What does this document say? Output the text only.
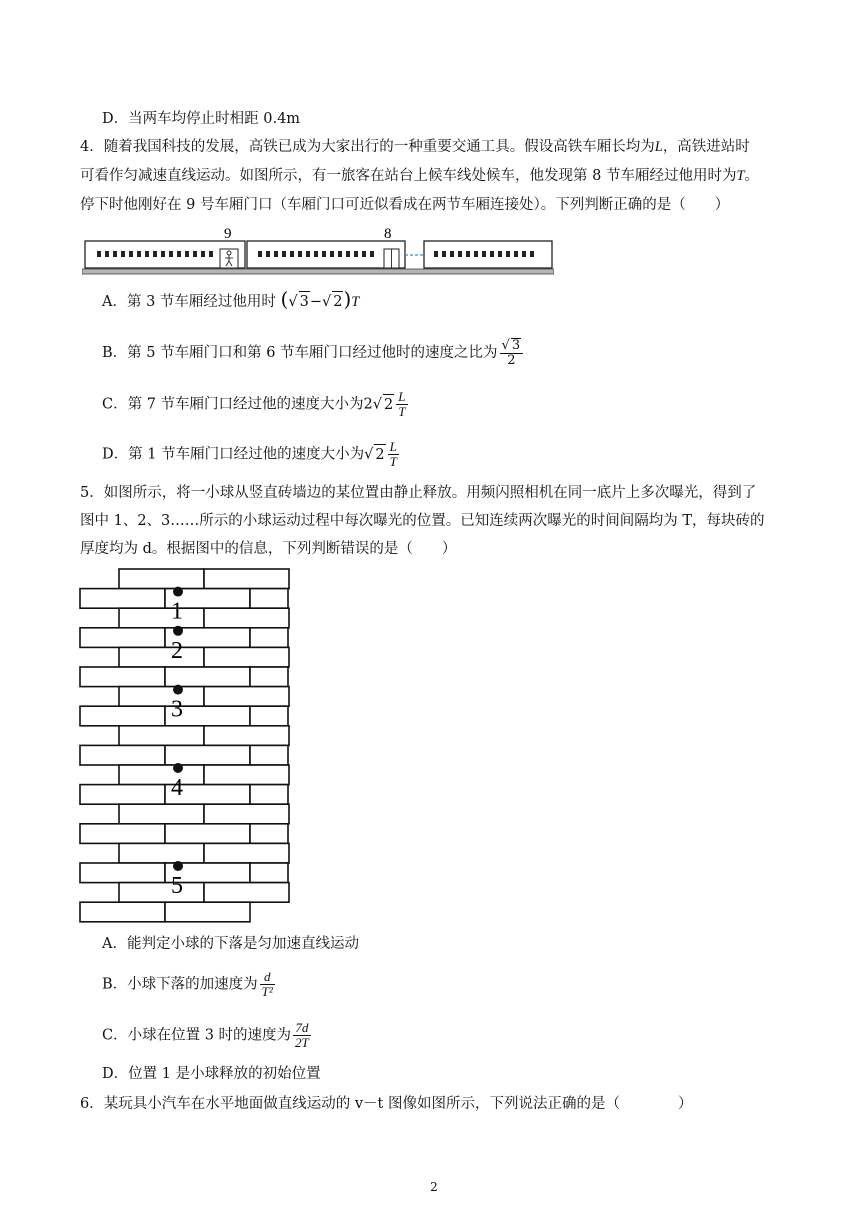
D．当两车均停止时相距 0.4m
4．随着我国科技的发展，高铁已成为大家出行的一种重要交通工具。假设高铁车厢长均为L，高铁进站时
可看作匀减速直线运动。如图所示，有一旅客在站台上候车线处候车，他发现第 8 节车厢经过他用时为T。
停下时他刚好在 9 号车厢门口（车厢门口可近似看成在两节车厢连接处）。下列判断正确的是（　　）
9	8
A．第 3 节车厢经过他用时 (√ 3−√ 2)T
B．第 5 节车厢门口和第 6 节车厢门口经过他时的速度之比为 $\frac{√ 3}{2}$
C．第 7 节车厢门口经过他的速度大小为2√ $2 \frac{L}{T}$
D．第 1 节车厢门口经过他的速度大小为√ $2 \frac{L}{T}$
5．如图所示，将一小球从竖直砖墙边的某位置由静止释放。用频闪照相机在同一底片上多次曝光，得到了
图中 1、2、3……所示的小球运动过程中每次曝光的位置。已知连续两次曝光的时间间隔均为 T，每块砖的
厚度均为 d。根据图中的信息，下列判断错误的是（　　）
1
2
3
4
5
A．能判定小球的下落是匀加速直线运动
B．小球下落的加速度为 $\frac{d}{\text{T²}}$
C．小球在位置 3 时的速度为 $\frac{7d}{2T}$
D．位置 1 是小球释放的初始位置
6．某玩具小汽车在水平地面做直线运动的 v－t 图像如图所示，下列说法正确的是（　　　　）
2
